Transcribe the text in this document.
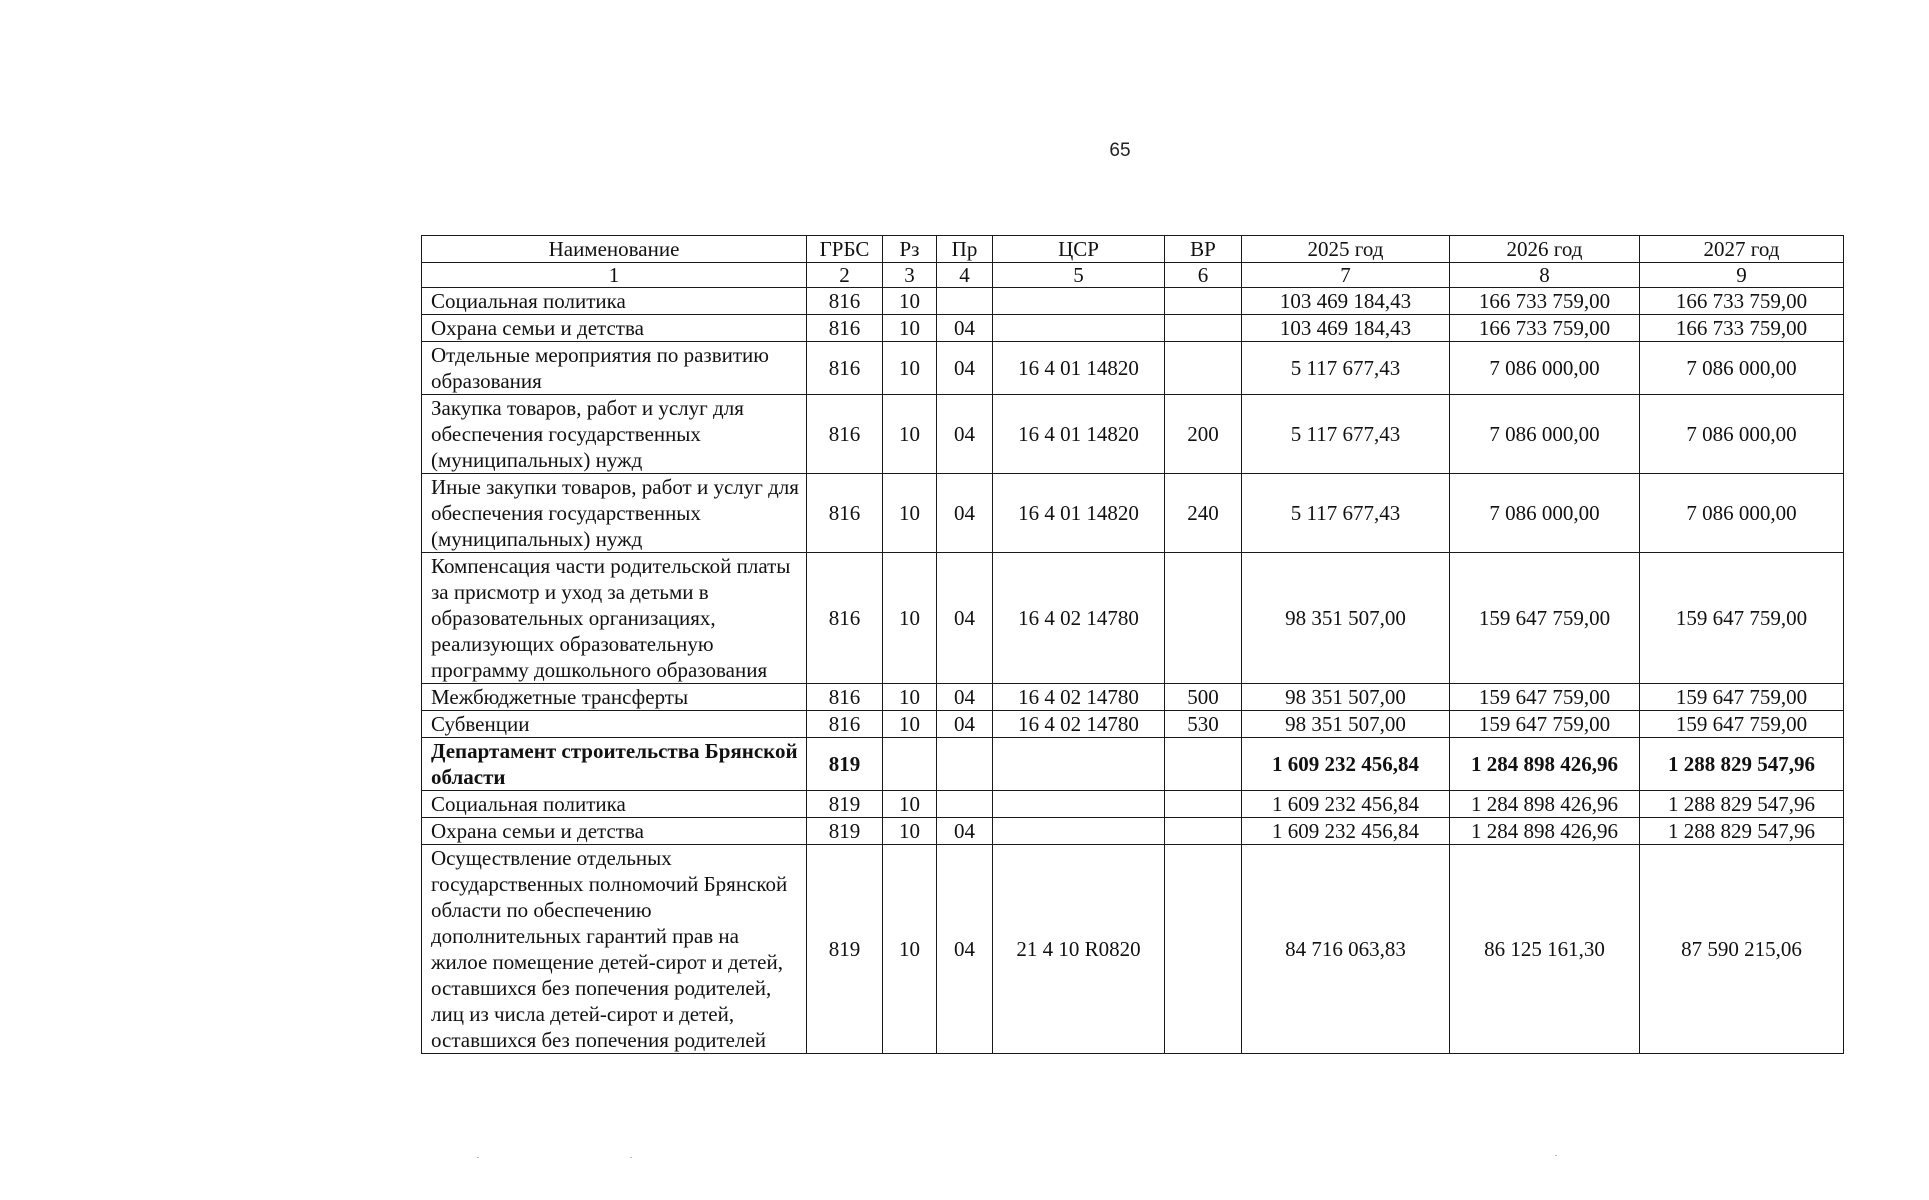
65
Наименование	ГРБС	Рз	Пр	ЦСР	ВР	2025 год	2026 год	2027 год
1	2	3	4	5	6	7	8	9
Социальная политика	816	10				103 469 184,43	166 733 759,00	166 733 759,00
Охрана семьи и детства	816	10	04			103 469 184,43	166 733 759,00	166 733 759,00
Отдельные мероприятия по развитию образования	816	10	04	16 4 01 14820		5 117 677,43	7 086 000,00	7 086 000,00
Закупка товаров, работ и услуг для обеспечения государственных (муниципальных) нужд	816	10	04	16 4 01 14820	200	5 117 677,43	7 086 000,00	7 086 000,00
Иные закупки товаров, работ и услуг для обеспечения государственных (муниципальных) нужд	816	10	04	16 4 01 14820	240	5 117 677,43	7 086 000,00	7 086 000,00
Компенсация части родительской платы за присмотр и уход за детьми в образовательных организациях, реализующих образовательную программу дошкольного образования	816	10	04	16 4 02 14780		98 351 507,00	159 647 759,00	159 647 759,00
Межбюджетные трансферты	816	10	04	16 4 02 14780	500	98 351 507,00	159 647 759,00	159 647 759,00
Субвенции	816	10	04	16 4 02 14780	530	98 351 507,00	159 647 759,00	159 647 759,00
Департамент строительства Брянской области	819					1 609 232 456,84	1 284 898 426,96	1 288 829 547,96
Социальная политика	819	10				1 609 232 456,84	1 284 898 426,96	1 288 829 547,96
Охрана семьи и детства	819	10	04			1 609 232 456,84	1 284 898 426,96	1 288 829 547,96
Осуществление отдельных государственных полномочий Брянской области по обеспечению дополнительных гарантий прав на жилое помещение детей-сирот и детей, оставшихся без попечения родителей, лиц из числа детей-сирот и детей, оставшихся без попечения родителей	819	10	04	21 4 10 R0820		84 716 063,83	86 125 161,30	87 590 215,06
